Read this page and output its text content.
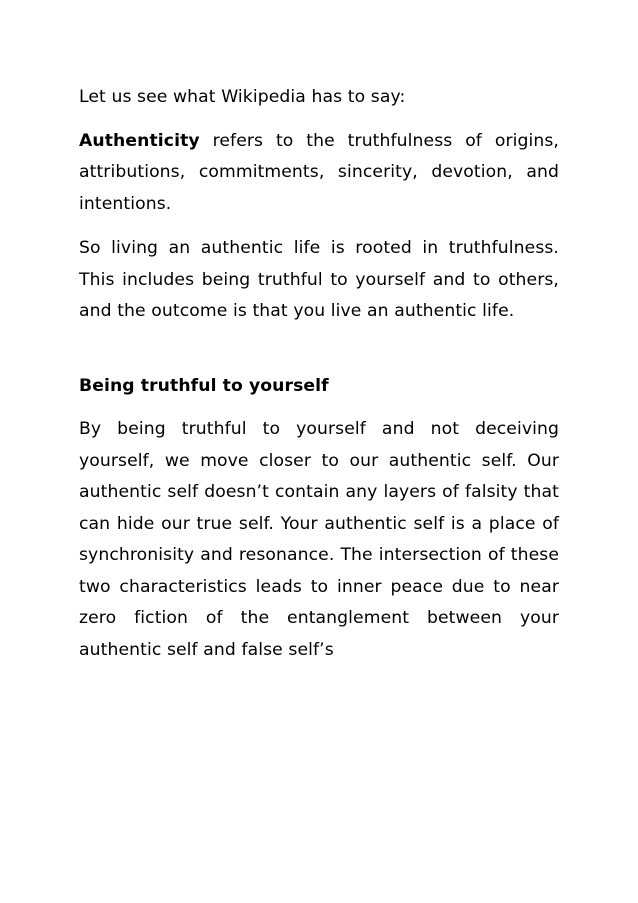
Let us see what Wikipedia has to say:

Authenticity refers to the truthfulness of origins, attributions, commitments, sincerity, devotion, and intentions.

So living an authentic life is rooted in truthfulness. This includes being truthful to yourself and to others, and the outcome is that you live an authentic life.

Being truthful to yourself

By being truthful to yourself and not deceiving yourself, we move closer to our authentic self. Our authentic self doesn’t contain any layers of falsity that can hide our true self. Your authentic self is a place of synchronisity and resonance. The intersection of these two characteristics leads to inner peace due to near zero fiction of the entanglement between your authentic self and false self’s
